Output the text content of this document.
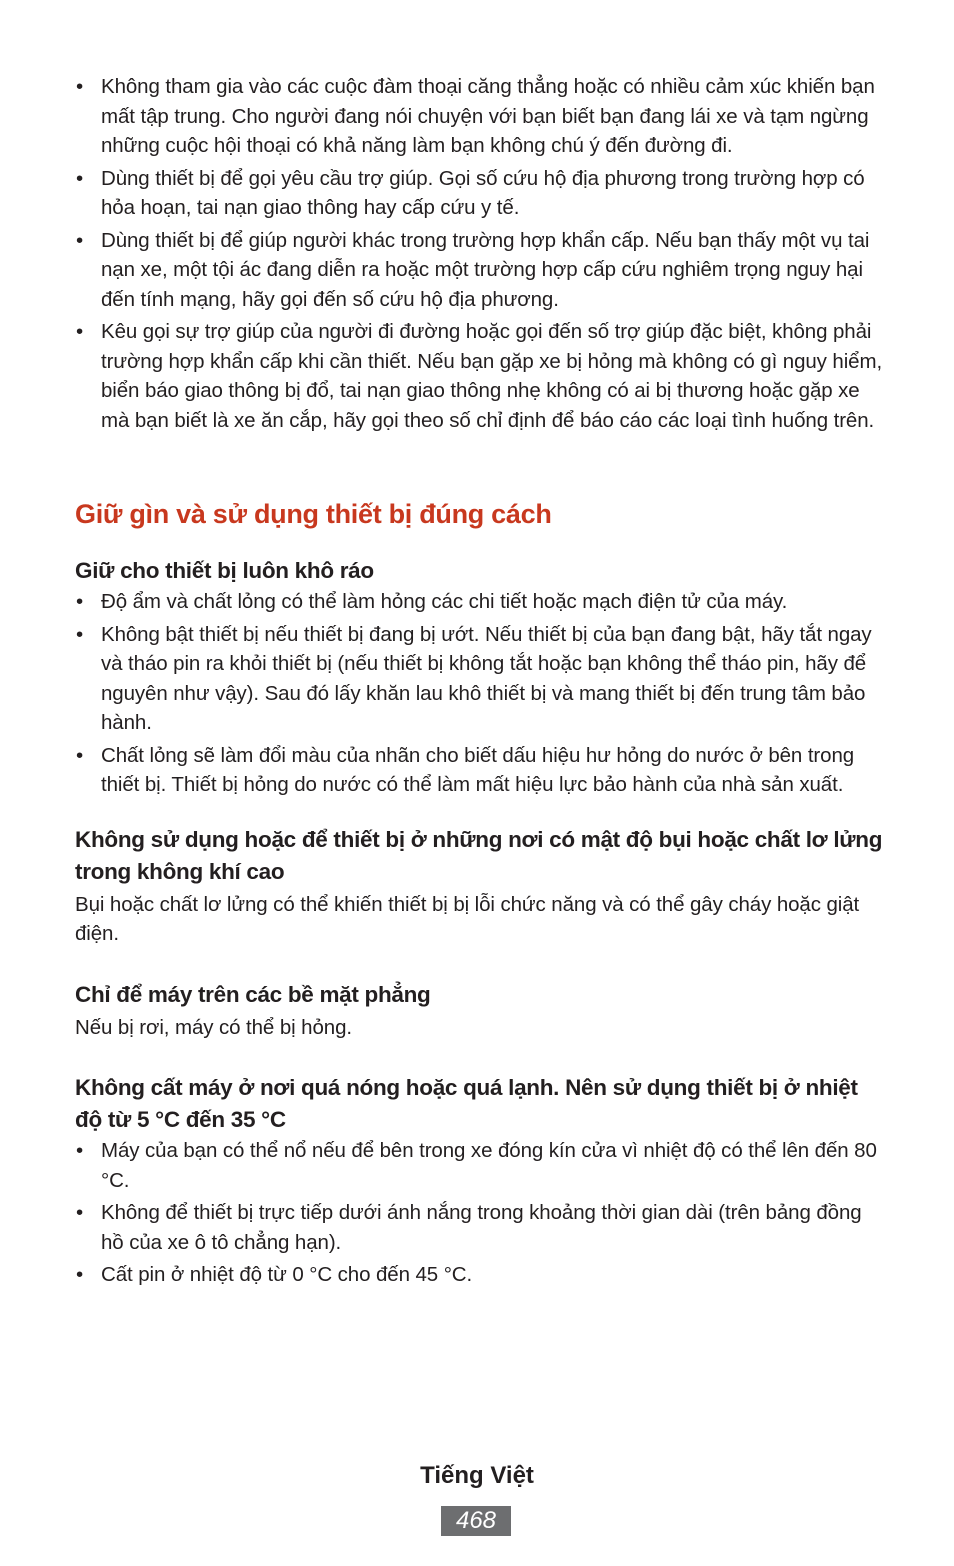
• Không tham gia vào các cuộc đàm thoại căng thẳng hoặc có nhiều cảm xúc khiến bạn mất tập trung. Cho người đang nói chuyện với bạn biết bạn đang lái xe và tạm ngừng những cuộc hội thoại có khả năng làm bạn không chú ý đến đường đi.
• Dùng thiết bị để gọi yêu cầu trợ giúp. Gọi số cứu hộ địa phương trong trường hợp có hỏa hoạn, tai nạn giao thông hay cấp cứu y tế.
• Dùng thiết bị để giúp người khác trong trường hợp khẩn cấp. Nếu bạn thấy một vụ tai nạn xe, một tội ác đang diễn ra hoặc một trường hợp cấp cứu nghiêm trọng nguy hại đến tính mạng, hãy gọi đến số cứu hộ địa phương.
• Kêu gọi sự trợ giúp của người đi đường hoặc gọi đến số trợ giúp đặc biệt, không phải trường hợp khẩn cấp khi cần thiết. Nếu bạn gặp xe bị hỏng mà không có gì nguy hiểm, biển báo giao thông bị đổ, tai nạn giao thông nhẹ không có ai bị thương hoặc gặp xe mà bạn biết là xe ăn cắp, hãy gọi theo số chỉ định để báo cáo các loại tình huống trên.
Giữ gìn và sử dụng thiết bị đúng cách
Giữ cho thiết bị luôn khô ráo
• Độ ẩm và chất lỏng có thể làm hỏng các chi tiết hoặc mạch điện tử của máy.
• Không bật thiết bị nếu thiết bị đang bị ướt. Nếu thiết bị của bạn đang bật, hãy tắt ngay và tháo pin ra khỏi thiết bị (nếu thiết bị không tắt hoặc bạn không thể tháo pin, hãy để nguyên như vậy). Sau đó lấy khăn lau khô thiết bị và mang thiết bị đến trung tâm bảo hành.
• Chất lỏng sẽ làm đổi màu của nhãn cho biết dấu hiệu hư hỏng do nước ở bên trong thiết bị. Thiết bị hỏng do nước có thể làm mất hiệu lực bảo hành của nhà sản xuất.
Không sử dụng hoặc để thiết bị ở những nơi có mật độ bụi hoặc chất lơ lửng trong không khí cao

Bụi hoặc chất lơ lửng có thể khiến thiết bị bị lỗi chức năng và có thể gây cháy hoặc giật điện.

Chỉ để máy trên các bề mặt phẳng

Nếu bị rơi, máy có thể bị hỏng.

Không cất máy ở nơi quá nóng hoặc quá lạnh. Nên sử dụng thiết bị ở nhiệt độ từ 5 °C đến 35 °C
• Máy của bạn có thể nổ nếu để bên trong xe đóng kín cửa vì nhiệt độ có thể lên đến 80 °C.
• Không để thiết bị trực tiếp dưới ánh nắng trong khoảng thời gian dài (trên bảng đồng hồ của xe ô tô chẳng hạn).
• Cất pin ở nhiệt độ từ 0 °C cho đến 45 °C.
Tiếng Việt
468
